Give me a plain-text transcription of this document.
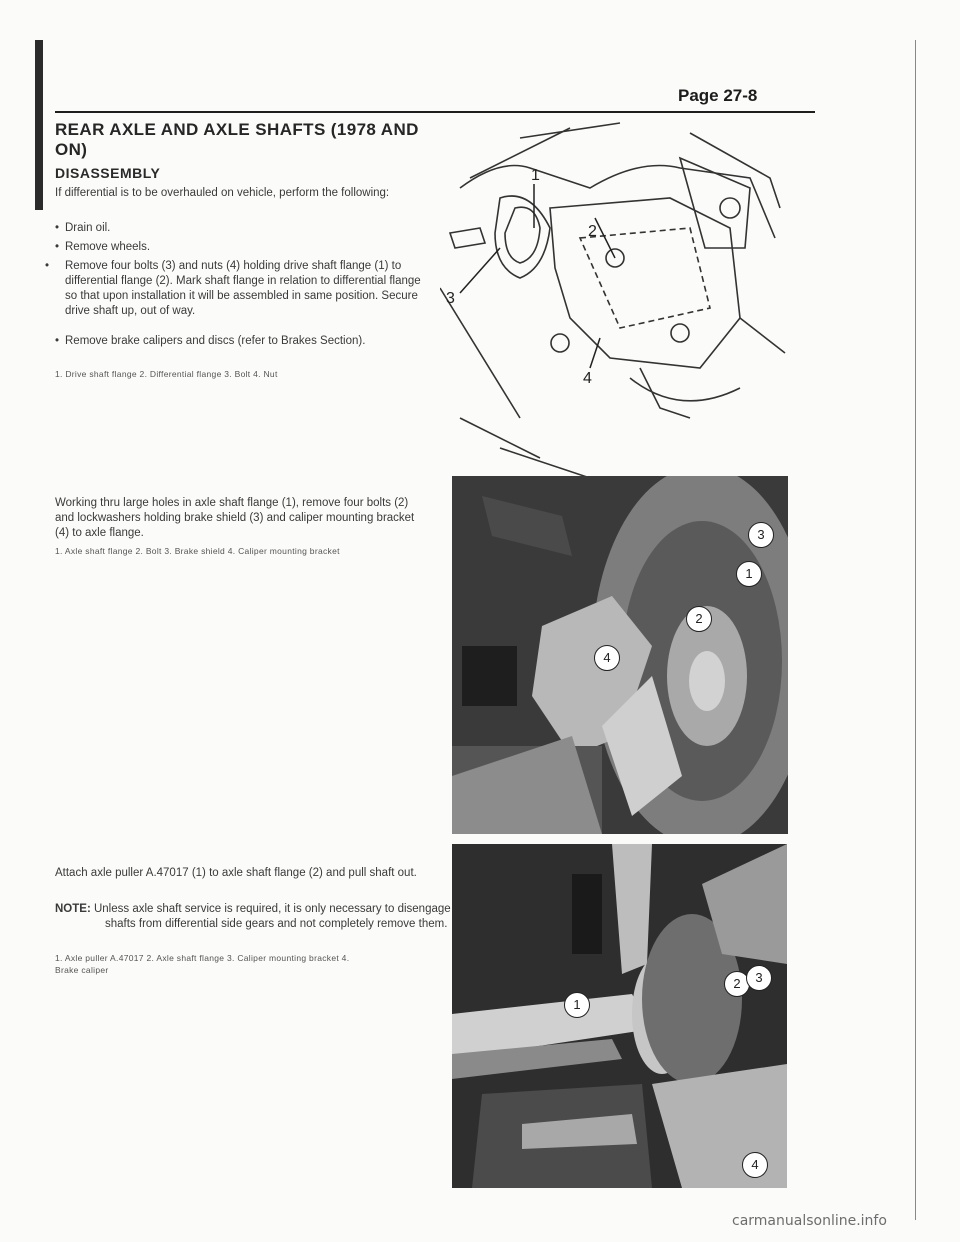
Page 27-8
REAR AXLE AND AXLE SHAFTS (1978 AND ON)
DISASSEMBLY
If differential is to be overhauled on vehicle, perform the following:
• Drain oil.
• Remove wheels.
• Remove four bolts (3) and nuts (4) holding drive shaft flange (1) to differential flange (2). Mark shaft flange in relation to differential flange so that upon installation it will be assembled in same position. Secure drive shaft up, out of way.
• Remove brake calipers and discs (refer to Brakes Section).
1. Drive shaft flange 2. Differential flange 3. Bolt 4. Nut
1
2
3
4
Working thru large holes in axle shaft flange (1), remove four bolts (2) and lockwashers holding brake shield (3) and caliper mounting bracket (4) to axle flange.
1. Axle shaft flange 2. Bolt 3. Brake shield 4. Caliper mounting bracket
1
2
3
4
Attach axle puller A.47017 (1) to axle shaft flange (2) and pull shaft out.
NOTE: Unless axle shaft service is required, it is only necessary to disengage shafts from differential side gears and not completely remove them.
1. Axle puller A.47017 2. Axle shaft flange 3. Caliper mounting bracket 4. Brake caliper
1
2	3
4
carmanualsonline.info
